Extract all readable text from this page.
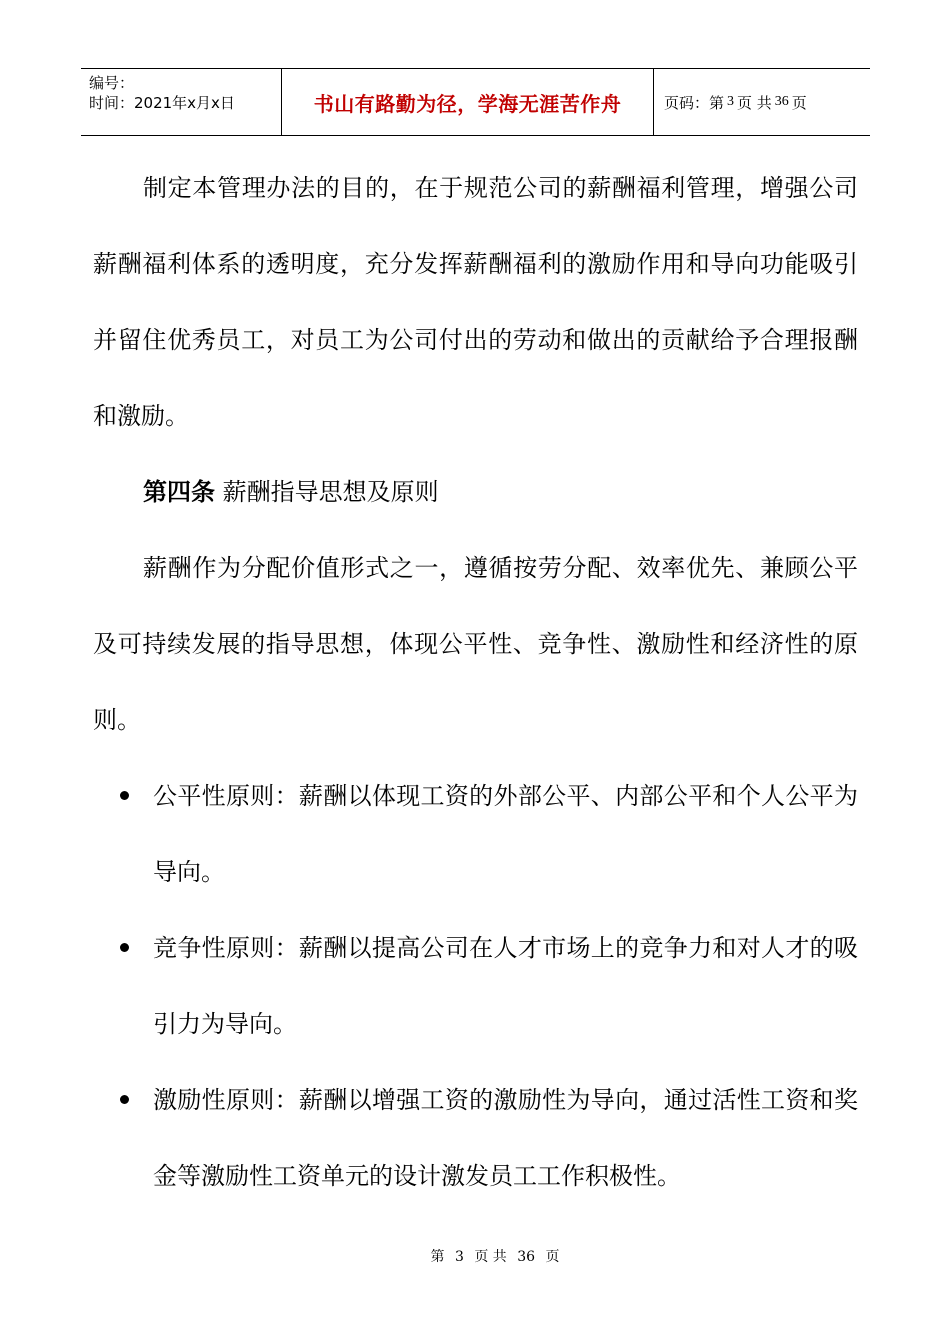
编号：
时间：2021年x月x日	书山有路勤为径，学海无涯苦作舟	页码：第 3 页 共 36 页

制定本管理办法的目的，在于规范公司的薪酬福利管理，增强公司薪酬福利体系的透明度，充分发挥薪酬福利的激励作用和导向功能吸引并留住优秀员工，对员工为公司付出的劳动和做出的贡献给予合理报酬和激励。

第四条 薪酬指导思想及原则

薪酬作为分配价值形式之一，遵循按劳分配、效率优先、兼顾公平及可持续发展的指导思想，体现公平性、竞争性、激励性和经济性的原则。

公平性原则：薪酬以体现工资的外部公平、内部公平和个人公平为导向。
竞争性原则：薪酬以提高公司在人才市场上的竞争力和对人才的吸引力为导向。
激励性原则：薪酬以增强工资的激励性为导向，通过活性工资和奖金等激励性工资单元的设计激发员工工作积极性。
第 3 页 共 36 页
